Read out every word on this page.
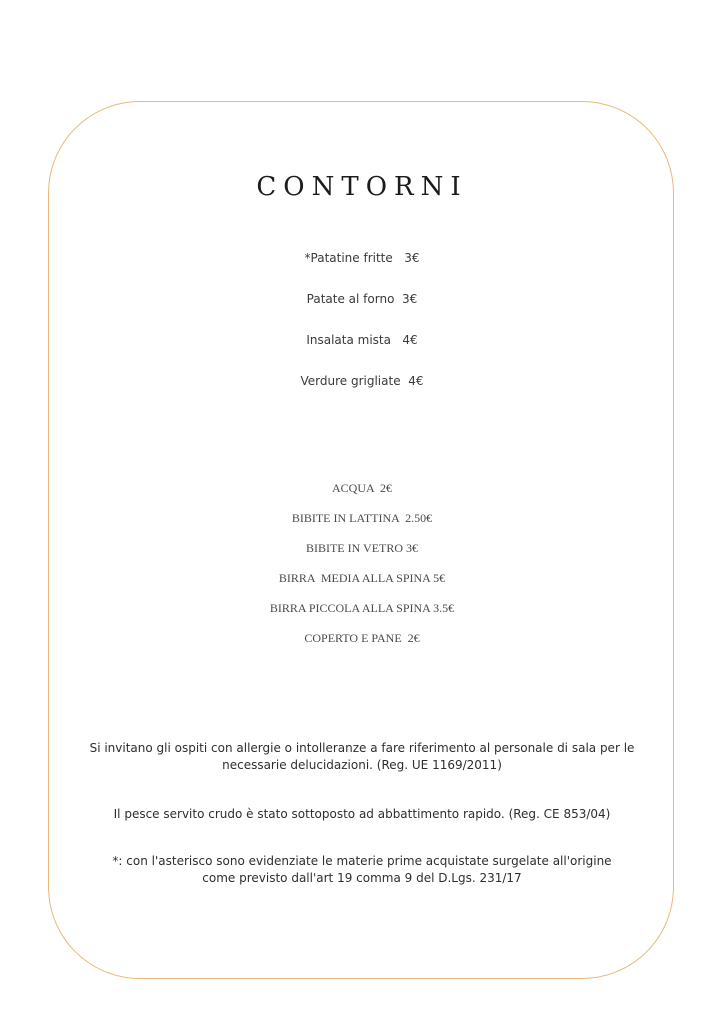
CONTORNI
*Patatine fritte   3€
Patate al forno  3€
Insalata mista   4€
Verdure grigliate  4€
ACQUA  2€
BIBITE IN LATTINA  2.50€
BIBITE IN VETRO 3€
BIRRA  MEDIA ALLA SPINA 5€
BIRRA PICCOLA ALLA SPINA 3.5€
COPERTO E PANE  2€
Si invitano gli ospiti con allergie o intolleranze a fare riferimento al personale di sala per le
necessarie delucidazioni. (Reg. UE 1169/2011)
Il pesce servito crudo è stato sottoposto ad abbattimento rapido. (Reg. CE 853/04)
*: con l'asterisco sono evidenziate le materie prime acquistate surgelate all'origine
come previsto dall'art 19 comma 9 del D.Lgs. 231/17
